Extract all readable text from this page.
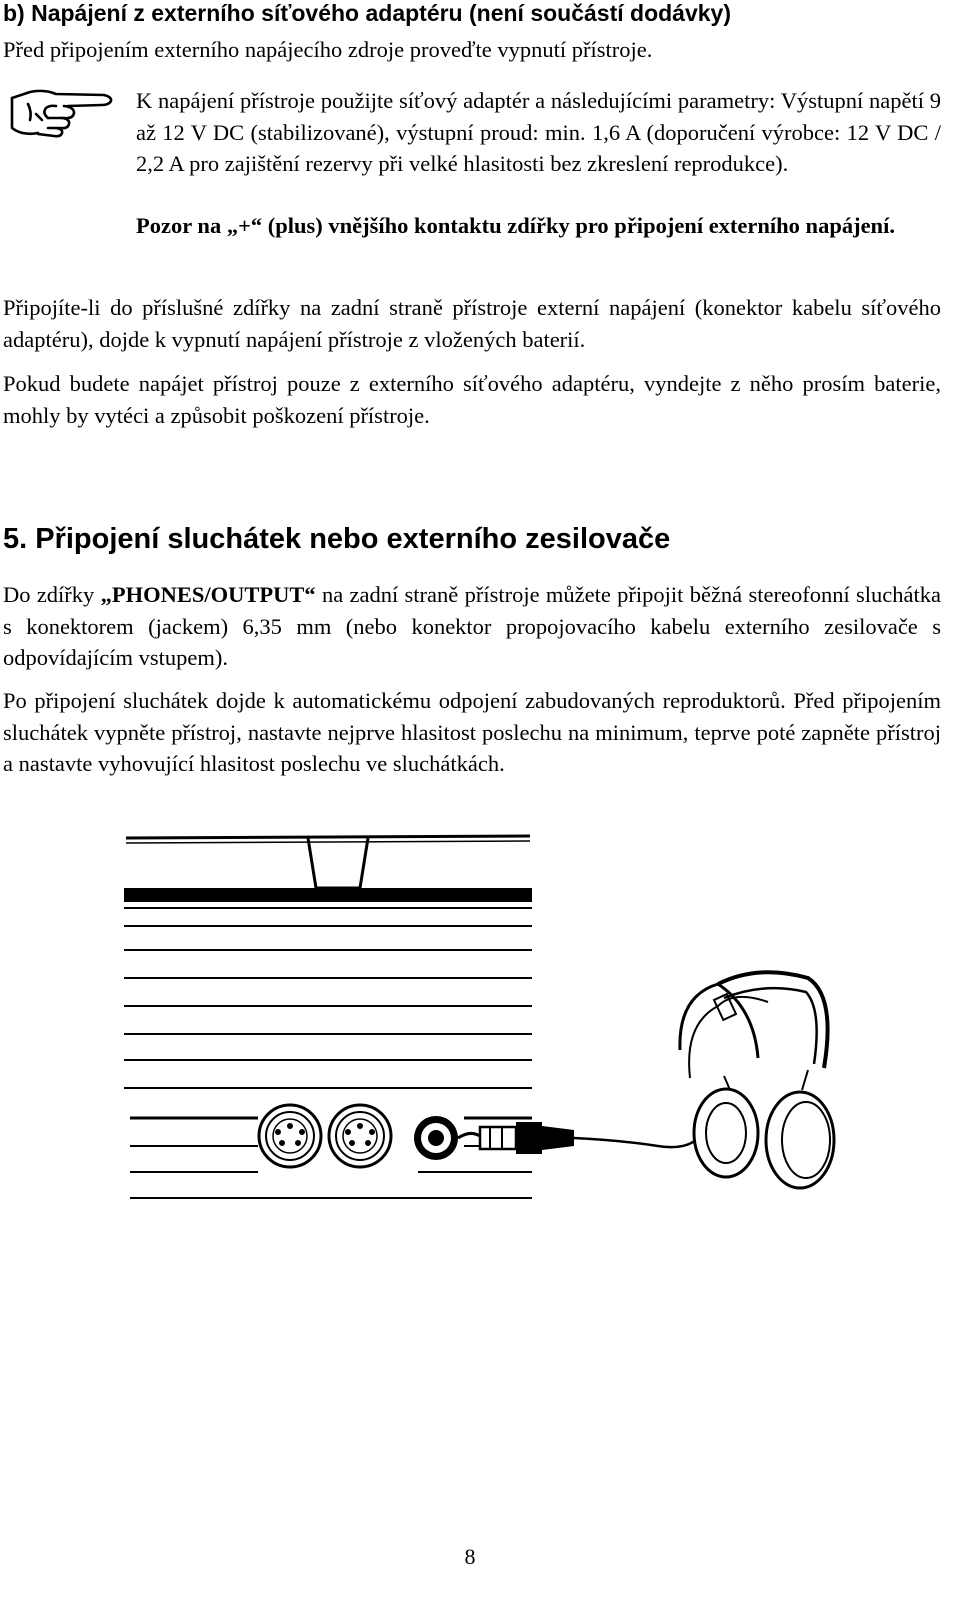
b) Napájení z externího síťového adaptéru (není součástí dodávky)
Před připojením externího napájecího zdroje proveďte vypnutí přístroje.
K napájení přístroje použijte síťový adaptér a následujícími parametry: Výstupní napětí 9 až 12 V DC (stabilizované), výstupní proud: min. 1,6 A (doporučení výrobce: 12 V DC / 2,2 A pro zajištění rezervy při velké hlasitosti bez zkreslení reprodukce).
Pozor na „+“ (plus) vnějšího kontaktu zdířky pro připojení externího napájení.
Připojíte-li do příslušné zdířky na zadní straně přístroje externí napájení (konektor kabelu síťového adaptéru), dojde k vypnutí napájení přístroje z vložených baterií.
Pokud budete napájet přístroj pouze z externího síťového adaptéru, vyndejte z něho prosím baterie, mohly by vytéci a způsobit poškození přístroje.
5. Připojení sluchátek nebo externího zesilovače
Do zdířky „PHONES/OUTPUT“ na zadní straně přístroje můžete připojit běžná stereofonní sluchátka s konektorem (jackem) 6,35 mm (nebo konektor propojovacího kabelu externího zesilovače s odpovídajícím vstupem).
Po připojení sluchátek dojde k automatickému odpojení zabudovaných reproduktorů. Před připojením sluchátek vypněte přístroj, nastavte nejprve hlasitost poslechu na minimum, teprve poté zapněte přístroj a nastavte vyhovující hlasitost poslechu ve sluchátkách.
8
